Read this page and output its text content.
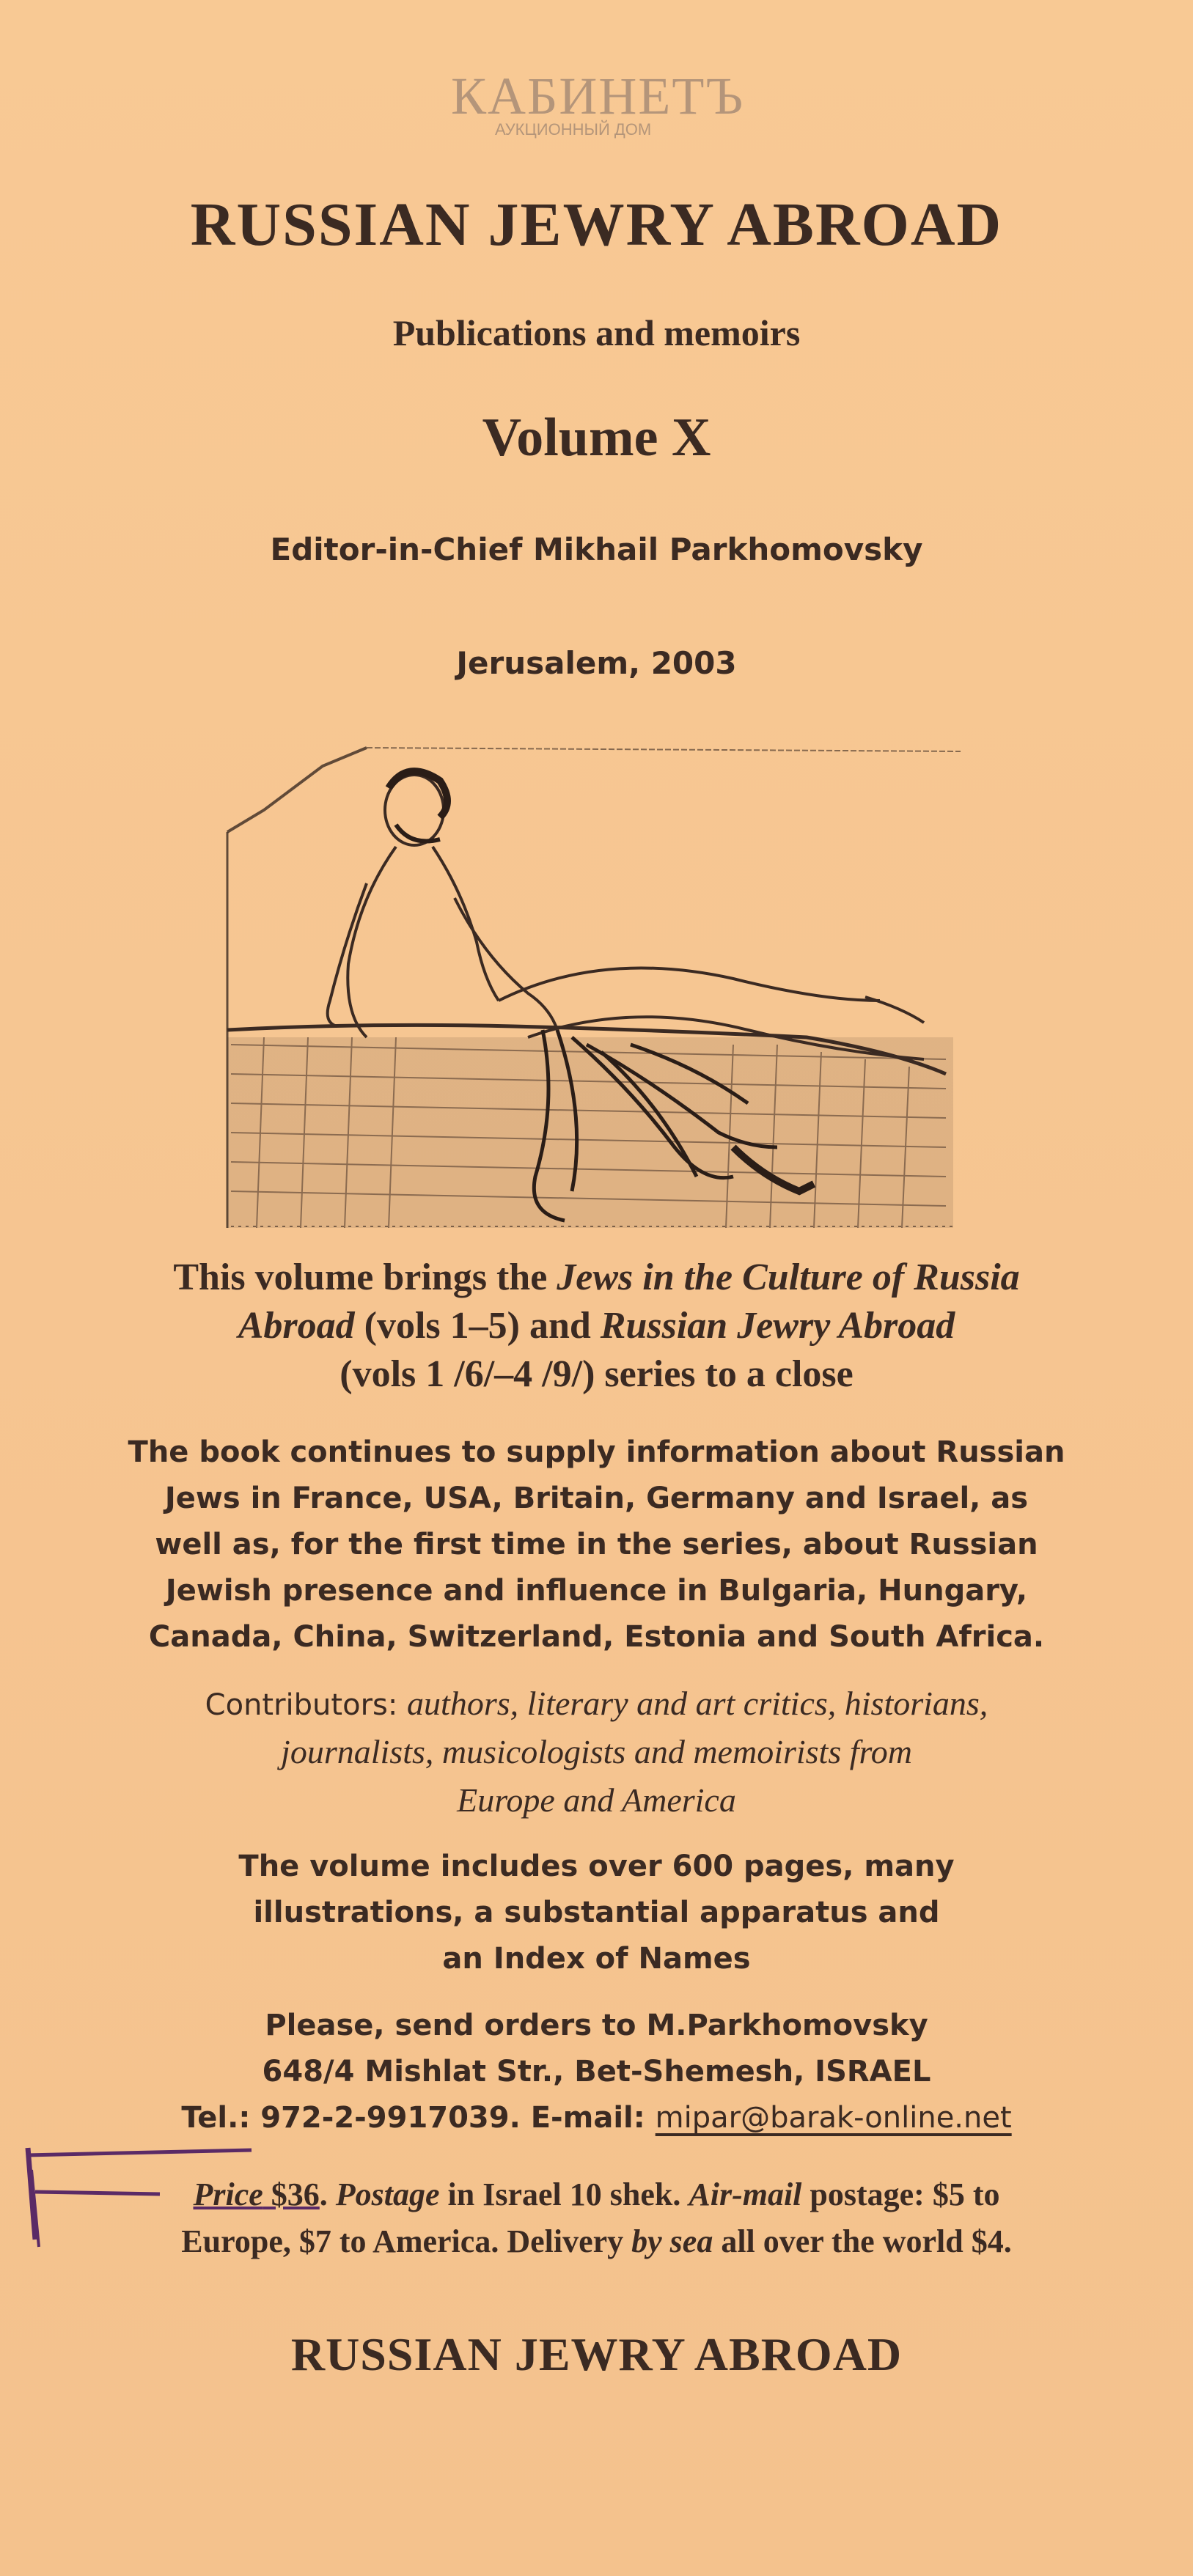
КАБИНЕТЪ
АУКЦИОННЫЙ ДОМ
RUSSIAN JEWRY ABROAD
Publications and memoirs
Volume X
Editor-in-Chief Mikhail Parkhomovsky
Jerusalem, 2003
This volume brings the Jews in the Culture of Russia
Abroad (vols 1–5) and Russian Jewry Abroad
(vols 1 /6/–4 /9/) series to a close
The book continues to supply information about Russian
Jews in France, USA, Britain, Germany and Israel, as
well as, for the first time in the series, about Russian
Jewish presence and influence in Bulgaria, Hungary,
Canada, China, Switzerland, Estonia and South Africa.
Contributors: authors, literary and art critics, historians,
journalists, musicologists and memoirists from
Europe and America
The volume includes over 600 pages, many
illustrations, a substantial apparatus and
an Index of Names
Please, send orders to M.Parkhomovsky
648/4 Mishlat Str., Bet-Shemesh, ISRAEL
Tel.: 972-2-9917039. E-mail: mipar@barak-online.net
Price $36. Postage in Israel 10 shek. Air-mail postage: $5 to
Europe, $7 to America. Delivery by sea all over the world $4.
RUSSIAN JEWRY ABROAD
